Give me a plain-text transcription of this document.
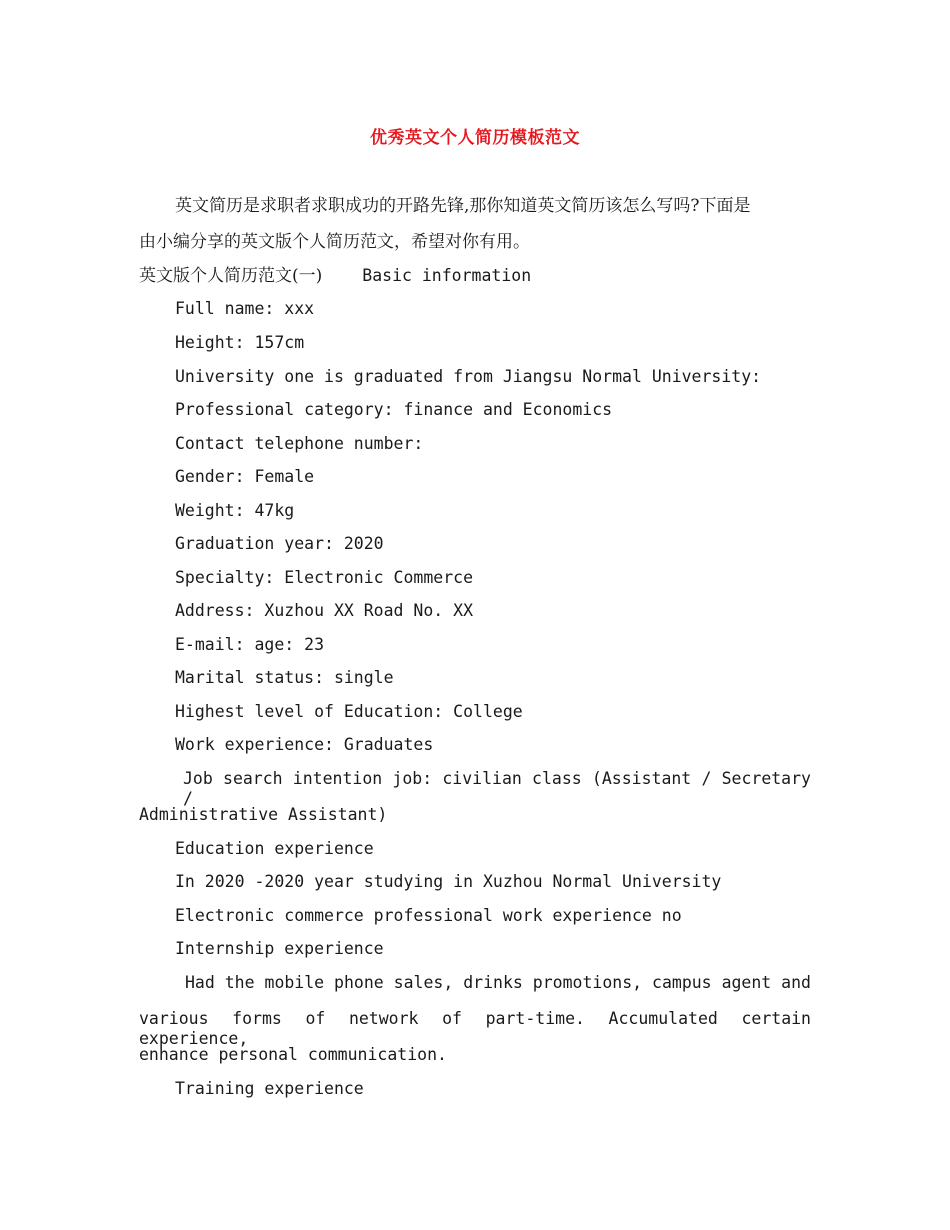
优秀英文个人简历模板范文
英文简历是求职者求职成功的开路先锋,那你知道英文简历该怎么写吗?下面是
由小编分享的英文版个人简历范文，希望对你有用。
英文版个人简历范文(一) Basic information
Full name: xxx
Height: 157cm
University one is graduated from Jiangsu Normal University:
Professional category: finance and Economics
Contact telephone number:
Gender: Female
Weight: 47kg
Graduation year: 2020
Specialty: Electronic Commerce
Address: Xuzhou XX Road No. XX
E-mail: age: 23
Marital status: single
Highest level of Education: College
Work experience: Graduates
Job search intention job: civilian class (Assistant / Secretary /
Administrative Assistant)
Education experience
In 2020 -2020 year studying in Xuzhou Normal University
Electronic commerce professional work experience no
Internship experience
Had the mobile phone sales, drinks promotions, campus agent and
various forms of network of part-time. Accumulated certain experience,
enhance personal communication.
Training experience
